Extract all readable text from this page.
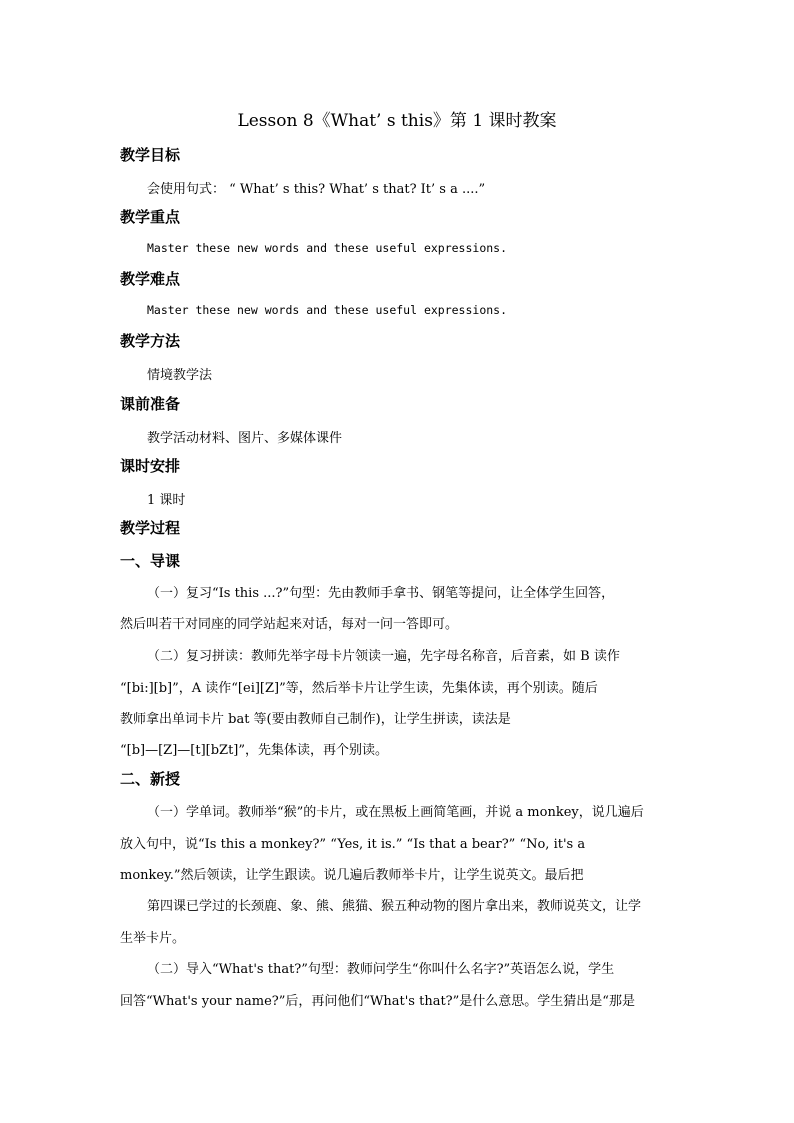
Lesson 8《What’ s this》第 1 课时教案
教学目标
会使用句式： “ What’ s this? What’ s that? It’ s a ....”
教学重点
Master these new words and these useful expressions.
教学难点
Master these new words and these useful expressions.
教学方法
情境教学法
课前准备
教学活动材料、图片、多媒体课件
课时安排
1 课时
教学过程
一、导课
（一）复习“Is this ...?”句型：先由教师手拿书、钢笔等提问，让全体学生回答，
然后叫若干对同座的同学站起来对话，每对一问一答即可。
（二）复习拼读：教师先举字母卡片领读一遍，先字母名称音，后音素，如 B 读作
“[bi:][b]”，A 读作“[ei][Z]”等，然后举卡片让学生读，先集体读，再个别读。随后
教师拿出单词卡片 bat 等(要由教师自己制作)，让学生拼读，读法是
“[b]—[Z]—[t][bZt]”，先集体读，再个别读。
二、新授
（一）学单词。教师举“猴”的卡片，或在黑板上画简笔画，并说 a monkey，说几遍后
放入句中，说“Is this a monkey?” “Yes, it is.” “Is that a bear?” “No, it's a
monkey.”然后领读，让学生跟读。说几遍后教师举卡片，让学生说英文。最后把
第四课已学过的长颈鹿、象、熊、熊猫、猴五种动物的图片拿出来，教师说英文，让学
生举卡片。
（二）导入“What's that?”句型：教师问学生“你叫什么名字?”英语怎么说，学生
回答“What's your name?”后，再问他们“What's that?”是什么意思。学生猜出是“那是
